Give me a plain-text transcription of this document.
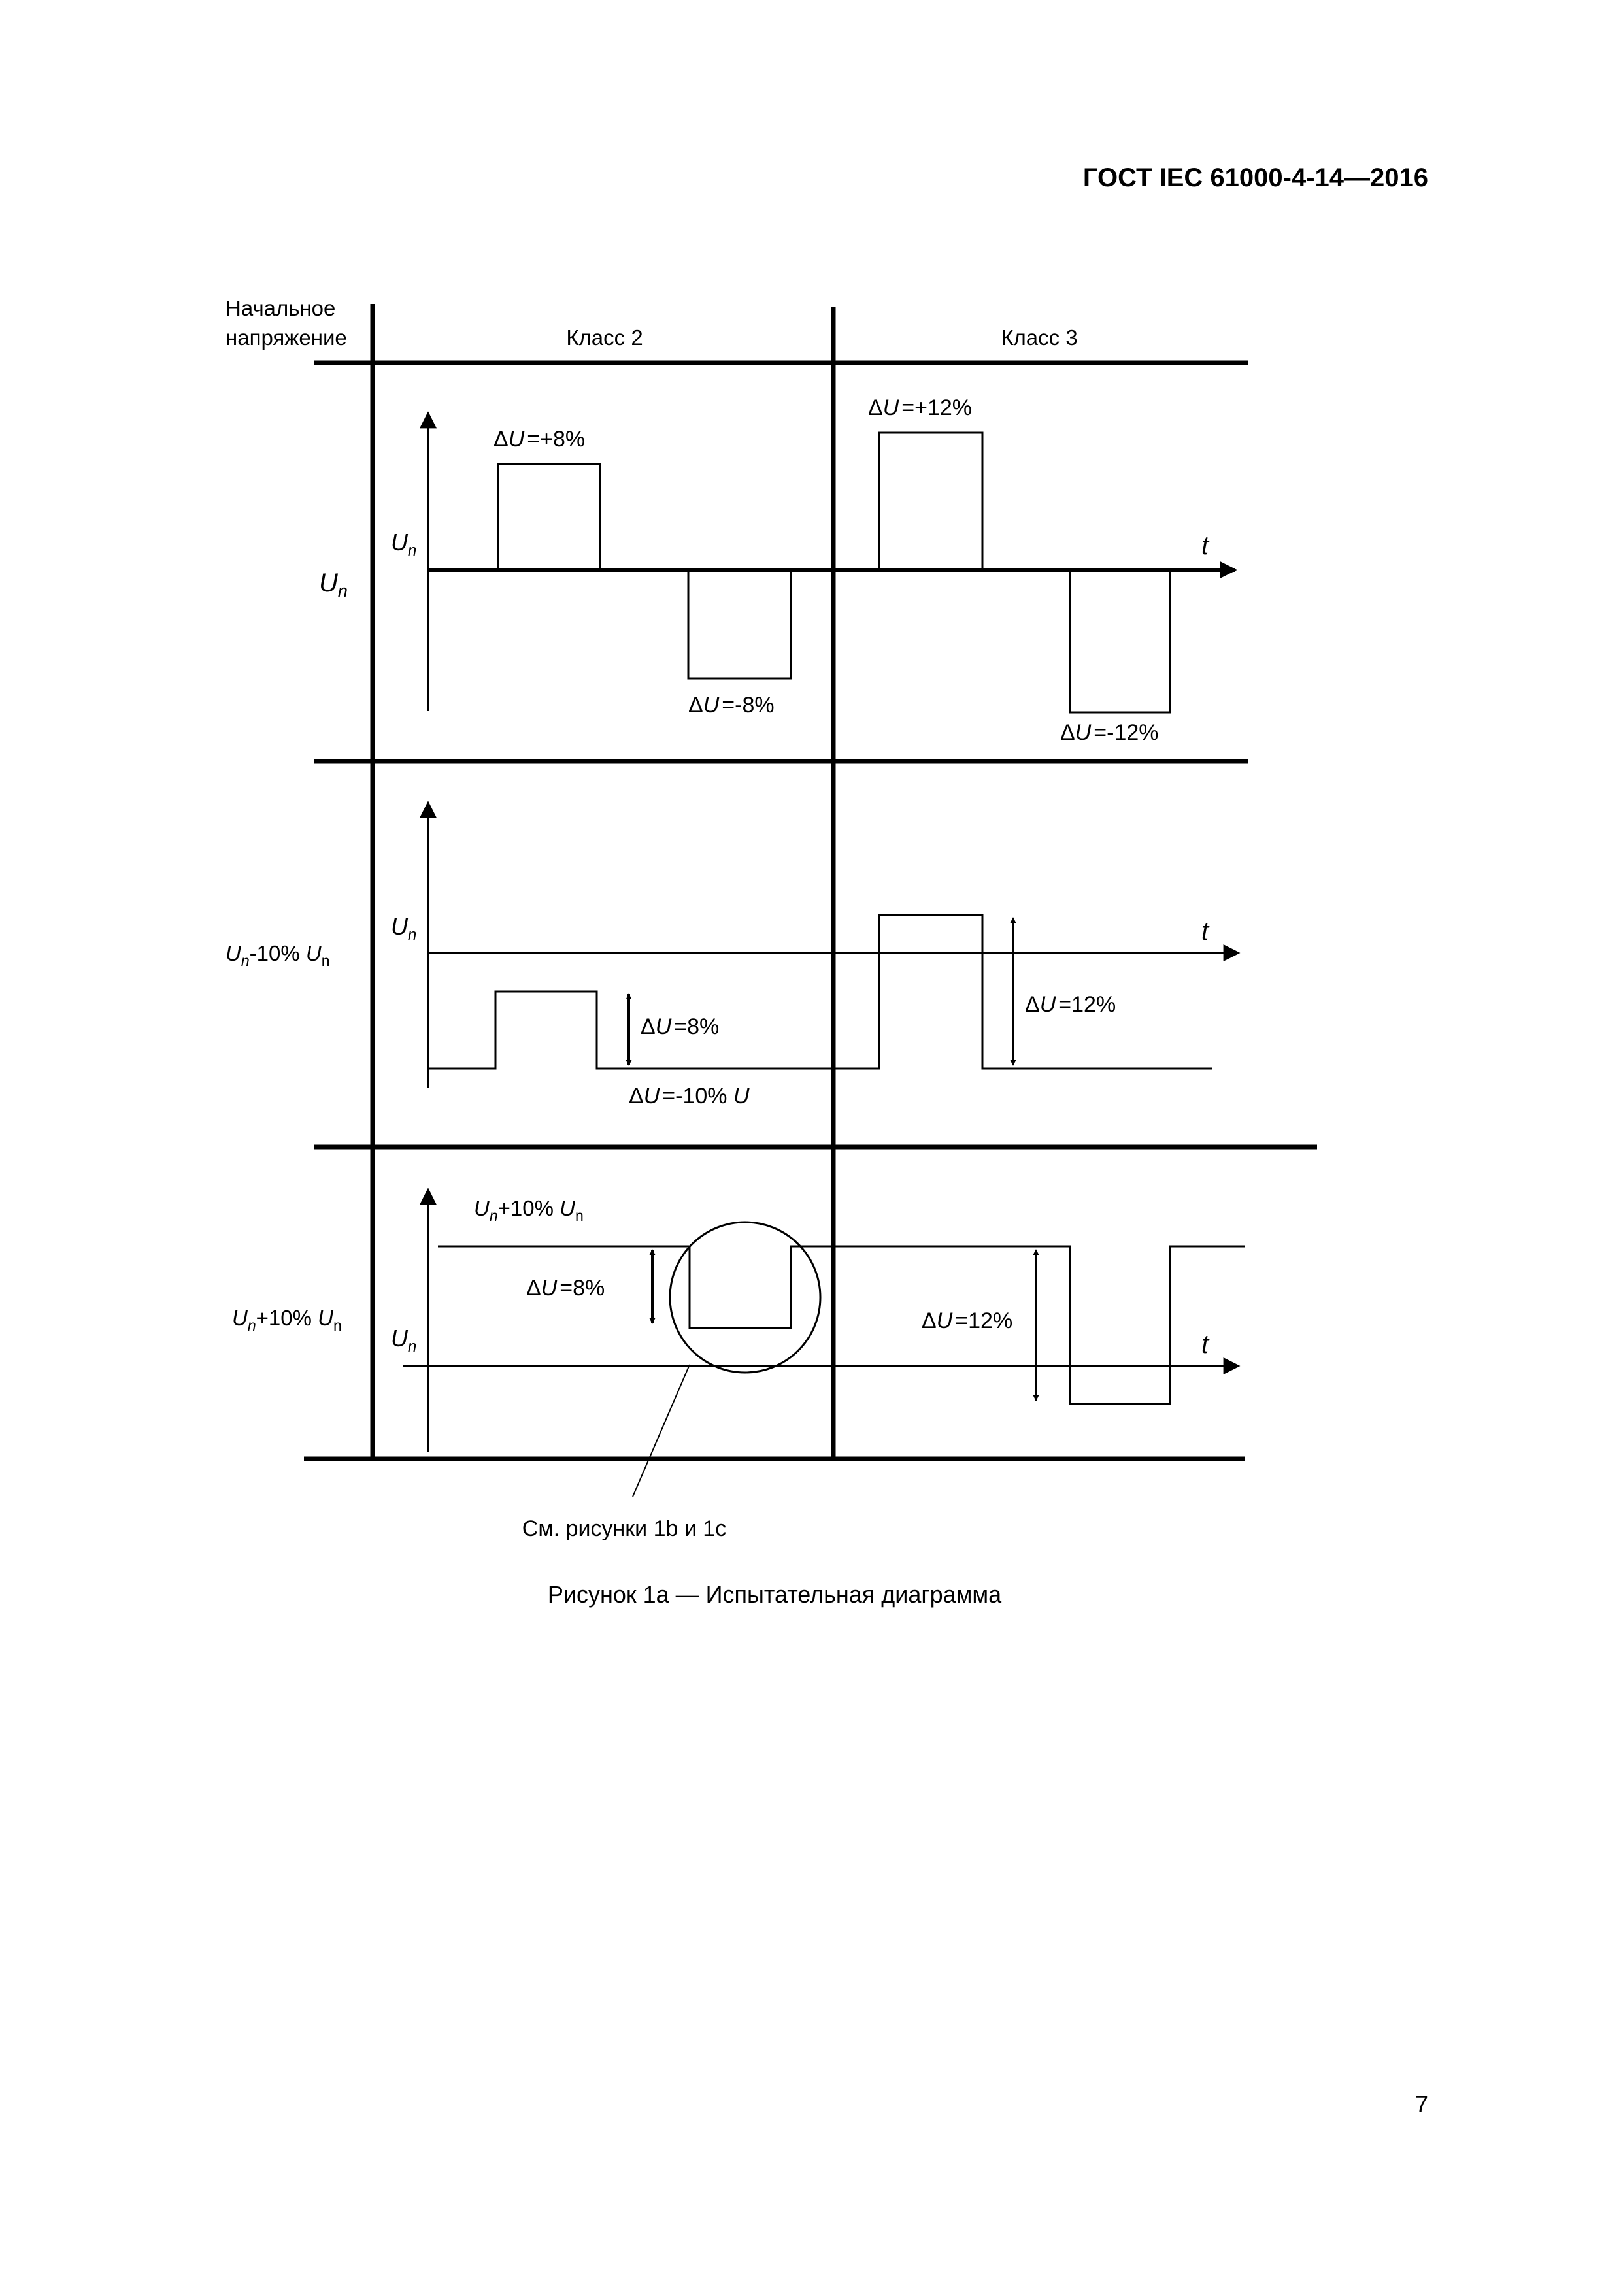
ГОСТ IEC 61000-4-14—2016
Начальное
напряжение	Класс 2	Класс 3
$U_n$
$U_n$	t
ΔU =+8%
ΔU =-8%
ΔU =+12%
ΔU =-12%
$U_n-10\%$ $U_n$
$U_n$	t
ΔU =8%
ΔU =-10% U
ΔU =12%
$U_n+10\%$ $U_n$
$U_n+10\%$ $U_n$
$U_n$	t
ΔU =8%
ΔU =12%
См. рисунки 1b и 1c
Рисунок 1а — Испытательная диаграмма
7
